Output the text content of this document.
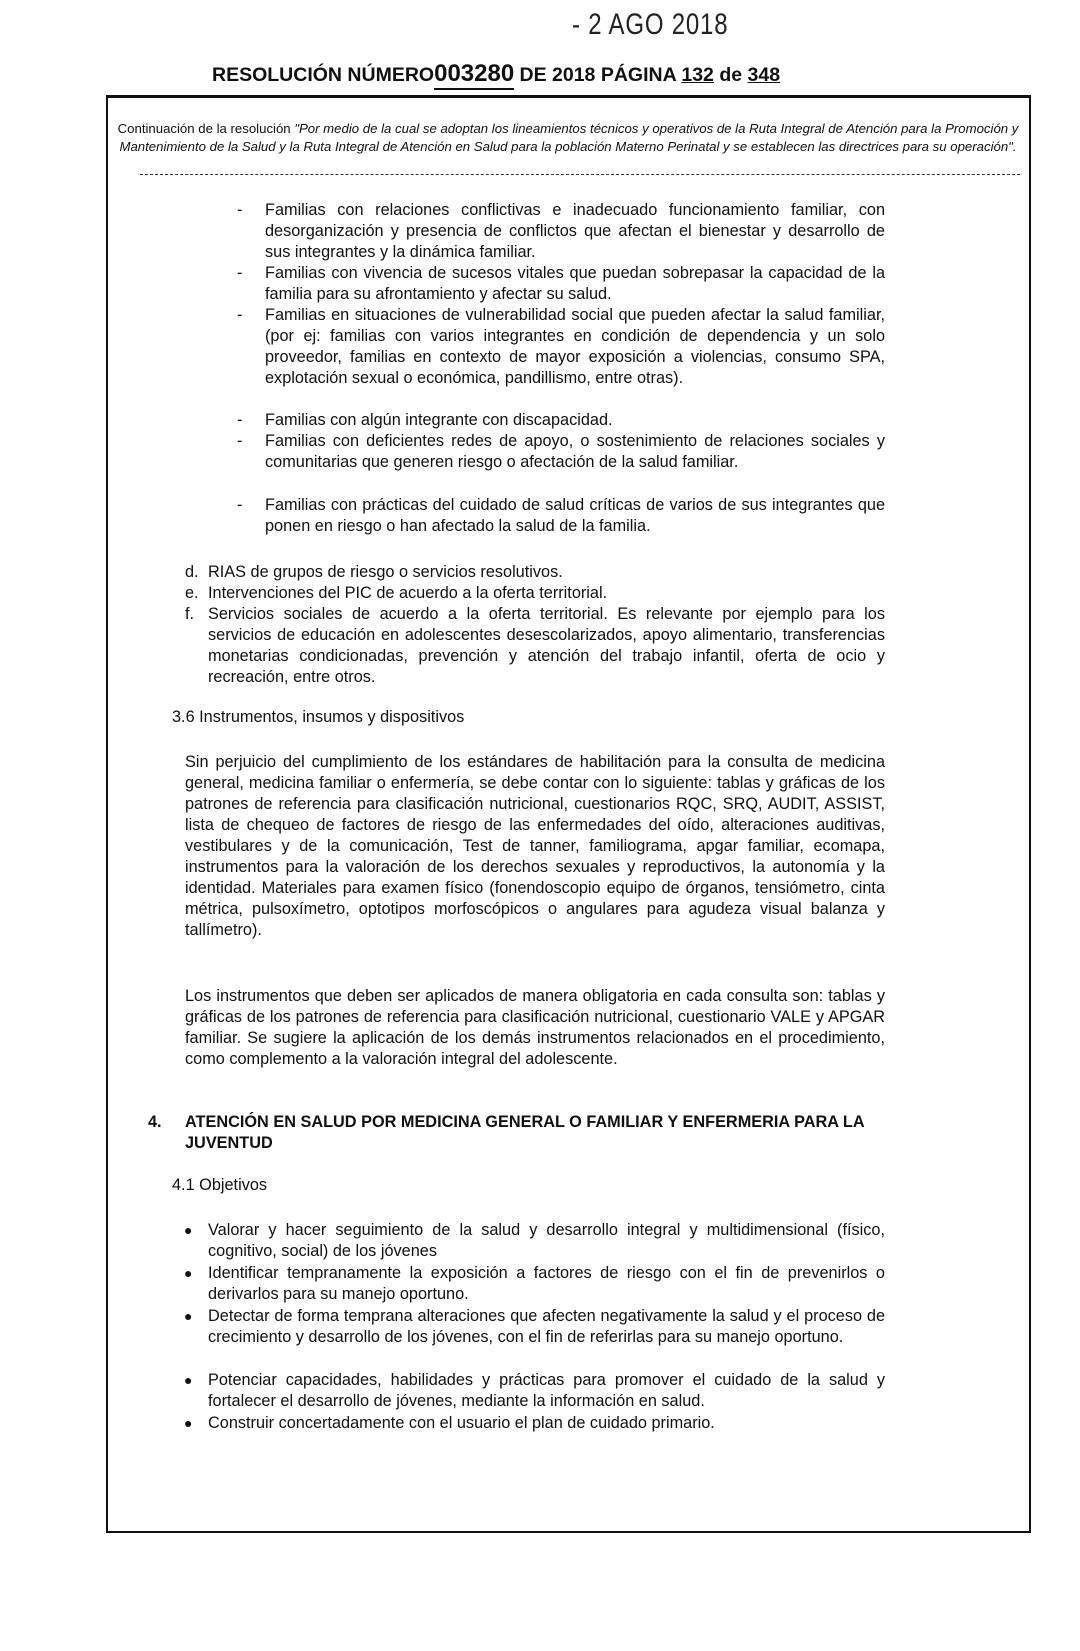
- 2 AGO 2018
RESOLUCIÓN NÚMERO003280 DE 2018 PÁGINA 132 de 348
Continuación de la resolución "Por medio de la cual se adoptan los lineamientos técnicos y operativos de la Ruta Integral de Atención para la Promoción y Mantenimiento de la Salud y la Ruta Integral de Atención en Salud para la población Materno Perinatal y se establecen las directrices para su operación".
- Familias con relaciones conflictivas e inadecuado funcionamiento familiar, con desorganización y presencia de conflictos que afectan el bienestar y desarrollo de sus integrantes y la dinámica familiar.
- Familias con vivencia de sucesos vitales que puedan sobrepasar la capacidad de la familia para su afrontamiento y afectar su salud.
- Familias en situaciones de vulnerabilidad social que pueden afectar la salud familiar, (por ej: familias con varios integrantes en condición de dependencia y un solo proveedor, familias en contexto de mayor exposición a violencias, consumo SPA, explotación sexual o económica, pandillismo, entre otras).
- Familias con algún integrante con discapacidad.
- Familias con deficientes redes de apoyo, o sostenimiento de relaciones sociales y comunitarias que generen riesgo o afectación de la salud familiar.
- Familias con prácticas del cuidado de salud críticas de varios de sus integrantes que ponen en riesgo o han afectado la salud de la familia.
d. RIAS de grupos de riesgo o servicios resolutivos.
e. Intervenciones del PIC de acuerdo a la oferta territorial.
f. Servicios sociales de acuerdo a la oferta territorial. Es relevante por ejemplo para los servicios de educación en adolescentes desescolarizados, apoyo alimentario, transferencias monetarias condicionadas, prevención y atención del trabajo infantil, oferta de ocio y recreación, entre otros.
3.6 Instrumentos, insumos y dispositivos
Sin perjuicio del cumplimiento de los estándares de habilitación para la consulta de medicina general, medicina familiar o enfermería, se debe contar con lo siguiente: tablas y gráficas de los patrones de referencia para clasificación nutricional, cuestionarios RQC, SRQ, AUDIT, ASSIST, lista de chequeo de factores de riesgo de las enfermedades del oído, alteraciones auditivas, vestibulares y de la comunicación, Test de tanner, familiograma, apgar familiar, ecomapa, instrumentos para la valoración de los derechos sexuales y reproductivos, la autonomía y la identidad. Materiales para examen físico (fonendoscopio equipo de órganos, tensiómetro, cinta métrica, pulsoxímetro, optotipos morfoscópicos o angulares para agudeza visual balanza y tallímetro).
Los instrumentos que deben ser aplicados de manera obligatoria en cada consulta son: tablas y gráficas de los patrones de referencia para clasificación nutricional, cuestionario VALE y APGAR familiar. Se sugiere la aplicación de los demás instrumentos relacionados en el procedimiento, como complemento a la valoración integral del adolescente.
4. ATENCIÓN EN SALUD POR MEDICINA GENERAL O FAMILIAR Y ENFERMERIA PARA LA JUVENTUD
4.1 Objetivos
● Valorar y hacer seguimiento de la salud y desarrollo integral y multidimensional (físico, cognitivo, social) de los jóvenes
● Identificar tempranamente la exposición a factores de riesgo con el fin de prevenirlos o derivarlos para su manejo oportuno.
● Detectar de forma temprana alteraciones que afecten negativamente la salud y el proceso de crecimiento y desarrollo de los jóvenes, con el fin de referirlas para su manejo oportuno.
● Potenciar capacidades, habilidades y prácticas para promover el cuidado de la salud y fortalecer el desarrollo de jóvenes, mediante la información en salud.
● Construir concertadamente con el usuario el plan de cuidado primario.
